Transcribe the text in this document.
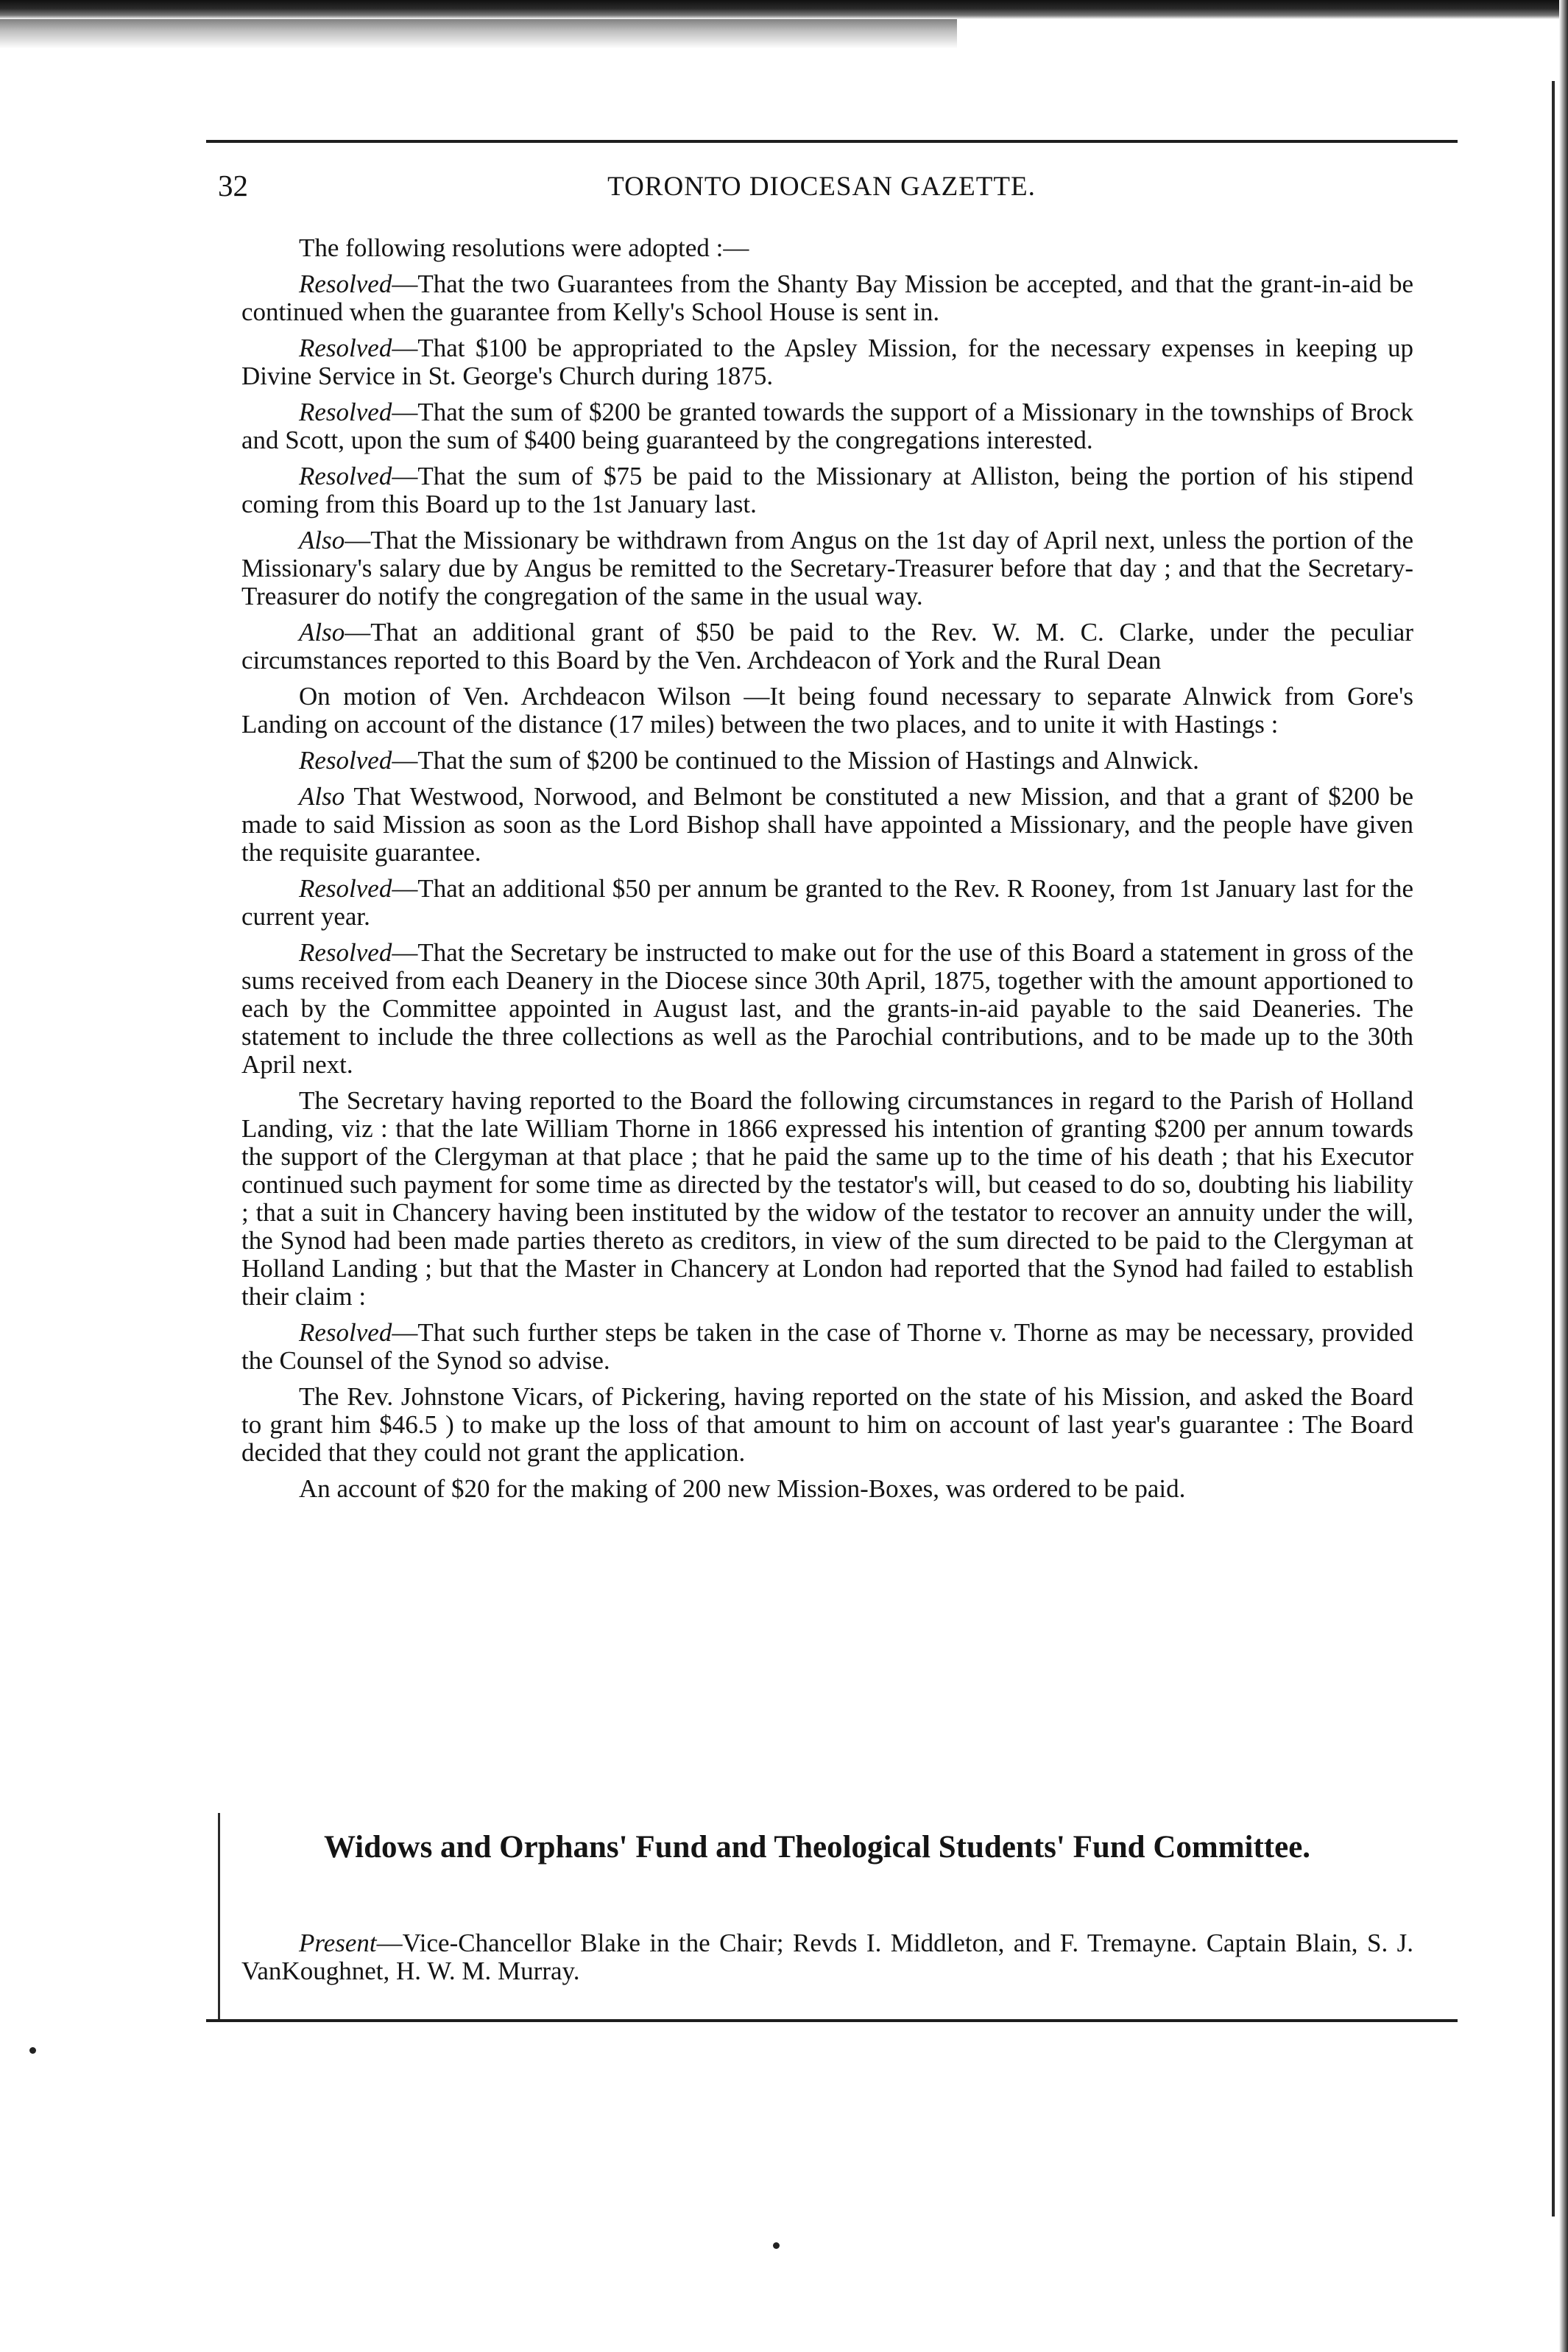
32	TORONTO DIOCESAN GAZETTE.

The following resolutions were adopted :—

Resolved—That the two Guarantees from the Shanty Bay Mission be accepted, and that the grant-in-aid be continued when the guarantee from Kelly's School House is sent in.

Resolved—That $100 be appropriated to the Apsley Mission, for the necessary expenses in keeping up Divine Service in St. George's Church during 1875.

Resolved—That the sum of $200 be granted towards the support of a Missionary in the townships of Brock and Scott, upon the sum of $400 being guaranteed by the congregations interested.

Resolved—That the sum of $75 be paid to the Missionary at Alliston, being the portion of his stipend coming from this Board up to the 1st January last.

Also—That the Missionary be withdrawn from Angus on the 1st day of April next, unless the portion of the Missionary's salary due by Angus be remitted to the Secretary-Treasurer before that day ; and that the Secretary-Treasurer do notify the congregation of the same in the usual way.

Also—That an additional grant of $50 be paid to the Rev. W. M. C. Clarke, under the peculiar circumstances reported to this Board by the Ven. Archdeacon of York and the Rural Dean

On motion of Ven. Archdeacon Wilson —It being found necessary to separate Alnwick from Gore's Landing on account of the distance (17 miles) between the two places, and to unite it with Hastings :

Resolved—That the sum of $200 be continued to the Mission of Hastings and Alnwick.

Also That Westwood, Norwood, and Belmont be constituted a new Mission, and that a grant of $200 be made to said Mission as soon as the Lord Bishop shall have appointed a Missionary, and the people have given the requisite guarantee.

Resolved—That an additional $50 per annum be granted to the Rev. R Rooney, from 1st January last for the current year.

Resolved—That the Secretary be instructed to make out for the use of this Board a statement in gross of the sums received from each Deanery in the Diocese since 30th April, 1875, together with the amount apportioned to each by the Committee appointed in August last, and the grants-in-aid payable to the said Deaneries. The statement to include the three collections as well as the Parochial contributions, and to be made up to the 30th April next.

The Secretary having reported to the Board the following circumstances in regard to the Parish of Holland Landing, viz : that the late William Thorne in 1866 expressed his intention of granting $200 per annum towards the support of the Clergyman at that place ; that he paid the same up to the time of his death ; that his Executor continued such payment for some time as directed by the testator's will, but ceased to do so, doubting his liability ; that a suit in Chancery having been instituted by the widow of the testator to recover an annuity under the will, the Synod had been made parties thereto as creditors, in view of the sum directed to be paid to the Clergyman at Holland Landing ; but that the Master in Chancery at London had reported that the Synod had failed to establish their claim :

Resolved—That such further steps be taken in the case of Thorne v. Thorne as may be necessary, provided the Counsel of the Synod so advise.

The Rev. Johnstone Vicars, of Pickering, having reported on the state of his Mission, and asked the Board to grant him $46.5 ) to make up the loss of that amount to him on account of last year's guarantee : The Board decided that they could not grant the application.

An account of $20 for the making of 200 new Mission-Boxes, was ordered to be paid.

Widows and Orphans' Fund and Theological Students' Fund Committee.

Present—Vice-Chancellor Blake in the Chair; Revds I. Middleton, and F. Tremayne. Captain Blain, S. J. VanKoughnet, H. W. M. Murray.
